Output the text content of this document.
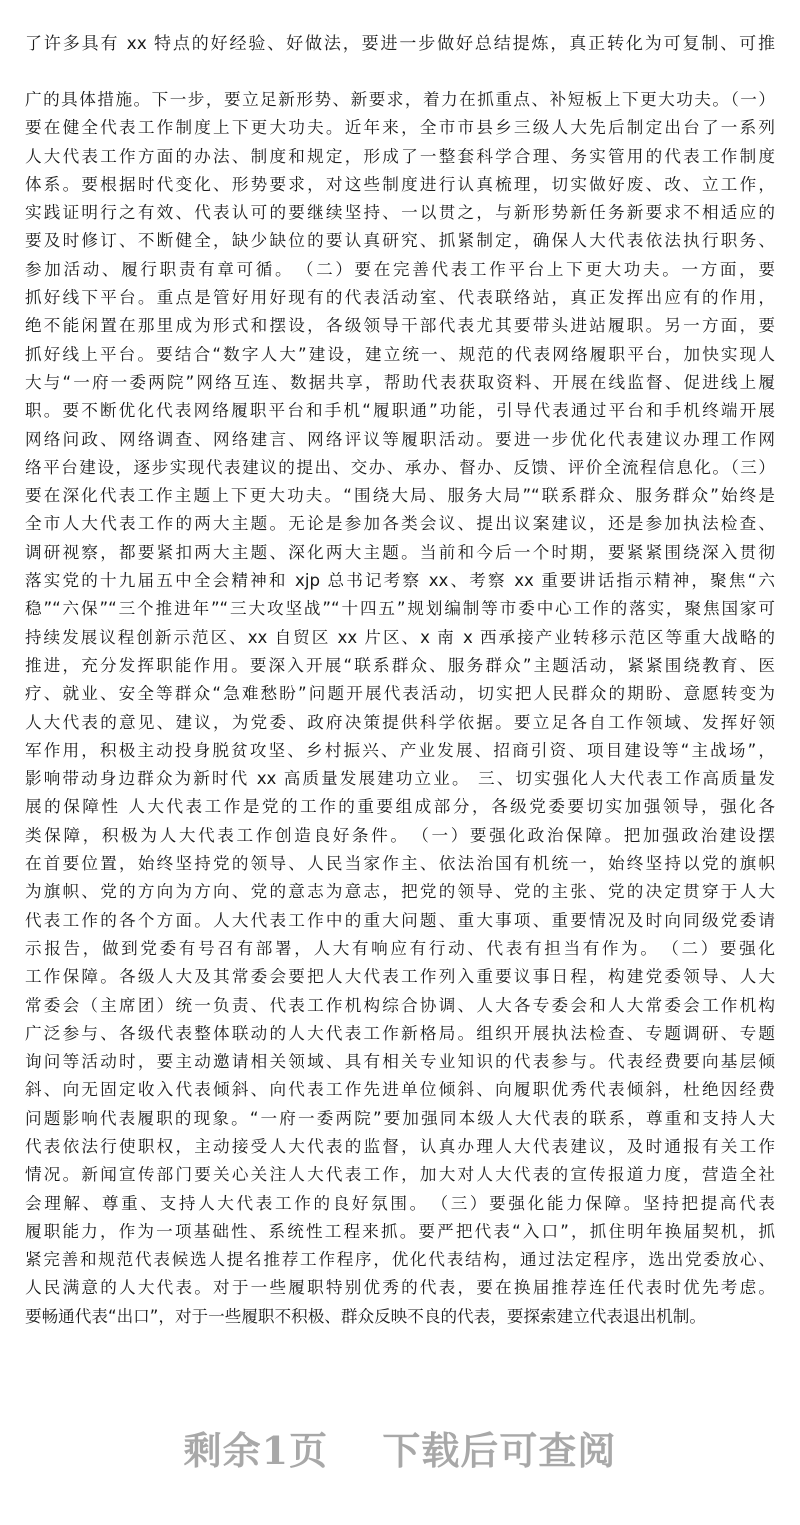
了许多具有 xx 特点的好经验、好做法，要进一步做好总结提炼，真正转化为可复制、可推
广的具体措施。下一步，要立足新形势、新要求，着力在抓重点、补短板上下更大功夫。（一）
要在健全代表工作制度上下更大功夫。近年来，全市市县乡三级人大先后制定出台了一系列
人大代表工作方面的办法、制度和规定，形成了一整套科学合理、务实管用的代表工作制度
体系。要根据时代变化、形势要求，对这些制度进行认真梳理，切实做好废、改、立工作，
实践证明行之有效、代表认可的要继续坚持、一以贯之，与新形势新任务新要求不相适应的
要及时修订、不断健全，缺少缺位的要认真研究、抓紧制定，确保人大代表依法执行职务、
参加活动、履行职责有章可循。　（二）要在完善代表工作平台上下更大功夫。一方面，要
抓好线下平台。重点是管好用好现有的代表活动室、代表联络站，真正发挥出应有的作用，
绝不能闲置在那里成为形式和摆设，各级领导干部代表尤其要带头进站履职。另一方面，要
抓好线上平台。要结合“数字人大”建设，建立统一、规范的代表网络履职平台，加快实现人
大与“一府一委两院”网络互连、数据共享，帮助代表获取资料、开展在线监督、促进线上履
职。要不断优化代表网络履职平台和手机“履职通”功能，引导代表通过平台和手机终端开展
网络问政、网络调查、网络建言、网络评议等履职活动。要进一步优化代表建议办理工作网
络平台建设，逐步实现代表建议的提出、交办、承办、督办、反馈、评价全流程信息化。（三）
要在深化代表工作主题上下更大功夫。“围绕大局、服务大局”“联系群众、服务群众”始终是
全市人大代表工作的两大主题。无论是参加各类会议、提出议案建议，还是参加执法检查、
调研视察，都要紧扣两大主题、深化两大主题。当前和今后一个时期，要紧紧围绕深入贯彻
落实党的十九届五中全会精神和 xjp 总书记考察 xx、考察 xx 重要讲话指示精神，聚焦“六
稳”“六保”“三个推进年”“三大攻坚战”“十四五”规划编制等市委中心工作的落实，聚焦国家可
持续发展议程创新示范区、xx 自贸区 xx 片区、x 南 x 西承接产业转移示范区等重大战略的
推进，充分发挥职能作用。要深入开展“联系群众、服务群众”主题活动，紧紧围绕教育、医
疗、就业、安全等群众“急难愁盼”问题开展代表活动，切实把人民群众的期盼、意愿转变为
人大代表的意见、建议，为党委、政府决策提供科学依据。要立足各自工作领域、发挥好领
军作用，积极主动投身脱贫攻坚、乡村振兴、产业发展、招商引资、项目建设等“主战场”，
影响带动身边群众为新时代 xx 高质量发展建功立业。 三、切实强化人大代表工作高质量发
展的保障性 人大代表工作是党的工作的重要组成部分，各级党委要切实加强领导，强化各
类保障，积极为人大代表工作创造良好条件。　（一）要强化政治保障。把加强政治建设摆
在首要位置，始终坚持党的领导、人民当家作主、依法治国有机统一，始终坚持以党的旗帜
为旗帜、党的方向为方向、党的意志为意志，把党的领导、党的主张、党的决定贯穿于人大
代表工作的各个方面。人大代表工作中的重大问题、重大事项、重要情况及时向同级党委请
示报告，做到党委有号召有部署，人大有响应有行动、代表有担当有作为。　（二）要强化
工作保障。各级人大及其常委会要把人大代表工作列入重要议事日程，构建党委领导、人大
常委会（主席团）统一负责、代表工作机构综合协调、人大各专委会和人大常委会工作机构
广泛参与、各级代表整体联动的人大代表工作新格局。组织开展执法检查、专题调研、专题
询问等活动时，要主动邀请相关领域、具有相关专业知识的代表参与。代表经费要向基层倾
斜、向无固定收入代表倾斜、向代表工作先进单位倾斜、向履职优秀代表倾斜，杜绝因经费
问题影响代表履职的现象。“一府一委两院”要加强同本级人大代表的联系，尊重和支持人大
代表依法行使职权，主动接受人大代表的监督，认真办理人大代表建议，及时通报有关工作
情况。新闻宣传部门要关心关注人大代表工作，加大对人大代表的宣传报道力度，营造全社
会理解、尊重、支持人大代表工作的良好氛围。　（三）要强化能力保障。坚持把提高代表
履职能力，作为一项基础性、系统性工程来抓。要严把代表“入口”，抓住明年换届契机，抓
紧完善和规范代表候选人提名推荐工作程序，优化代表结构，通过法定程序，选出党委放心、
人民满意的人大代表。对于一些履职特别优秀的代表，要在换届推荐连任代表时优先考虑。
要畅通代表“出口”，对于一些履职不积极、群众反映不良的代表，要探索建立代表退出机制。
剩余1页 下载后可查阅
